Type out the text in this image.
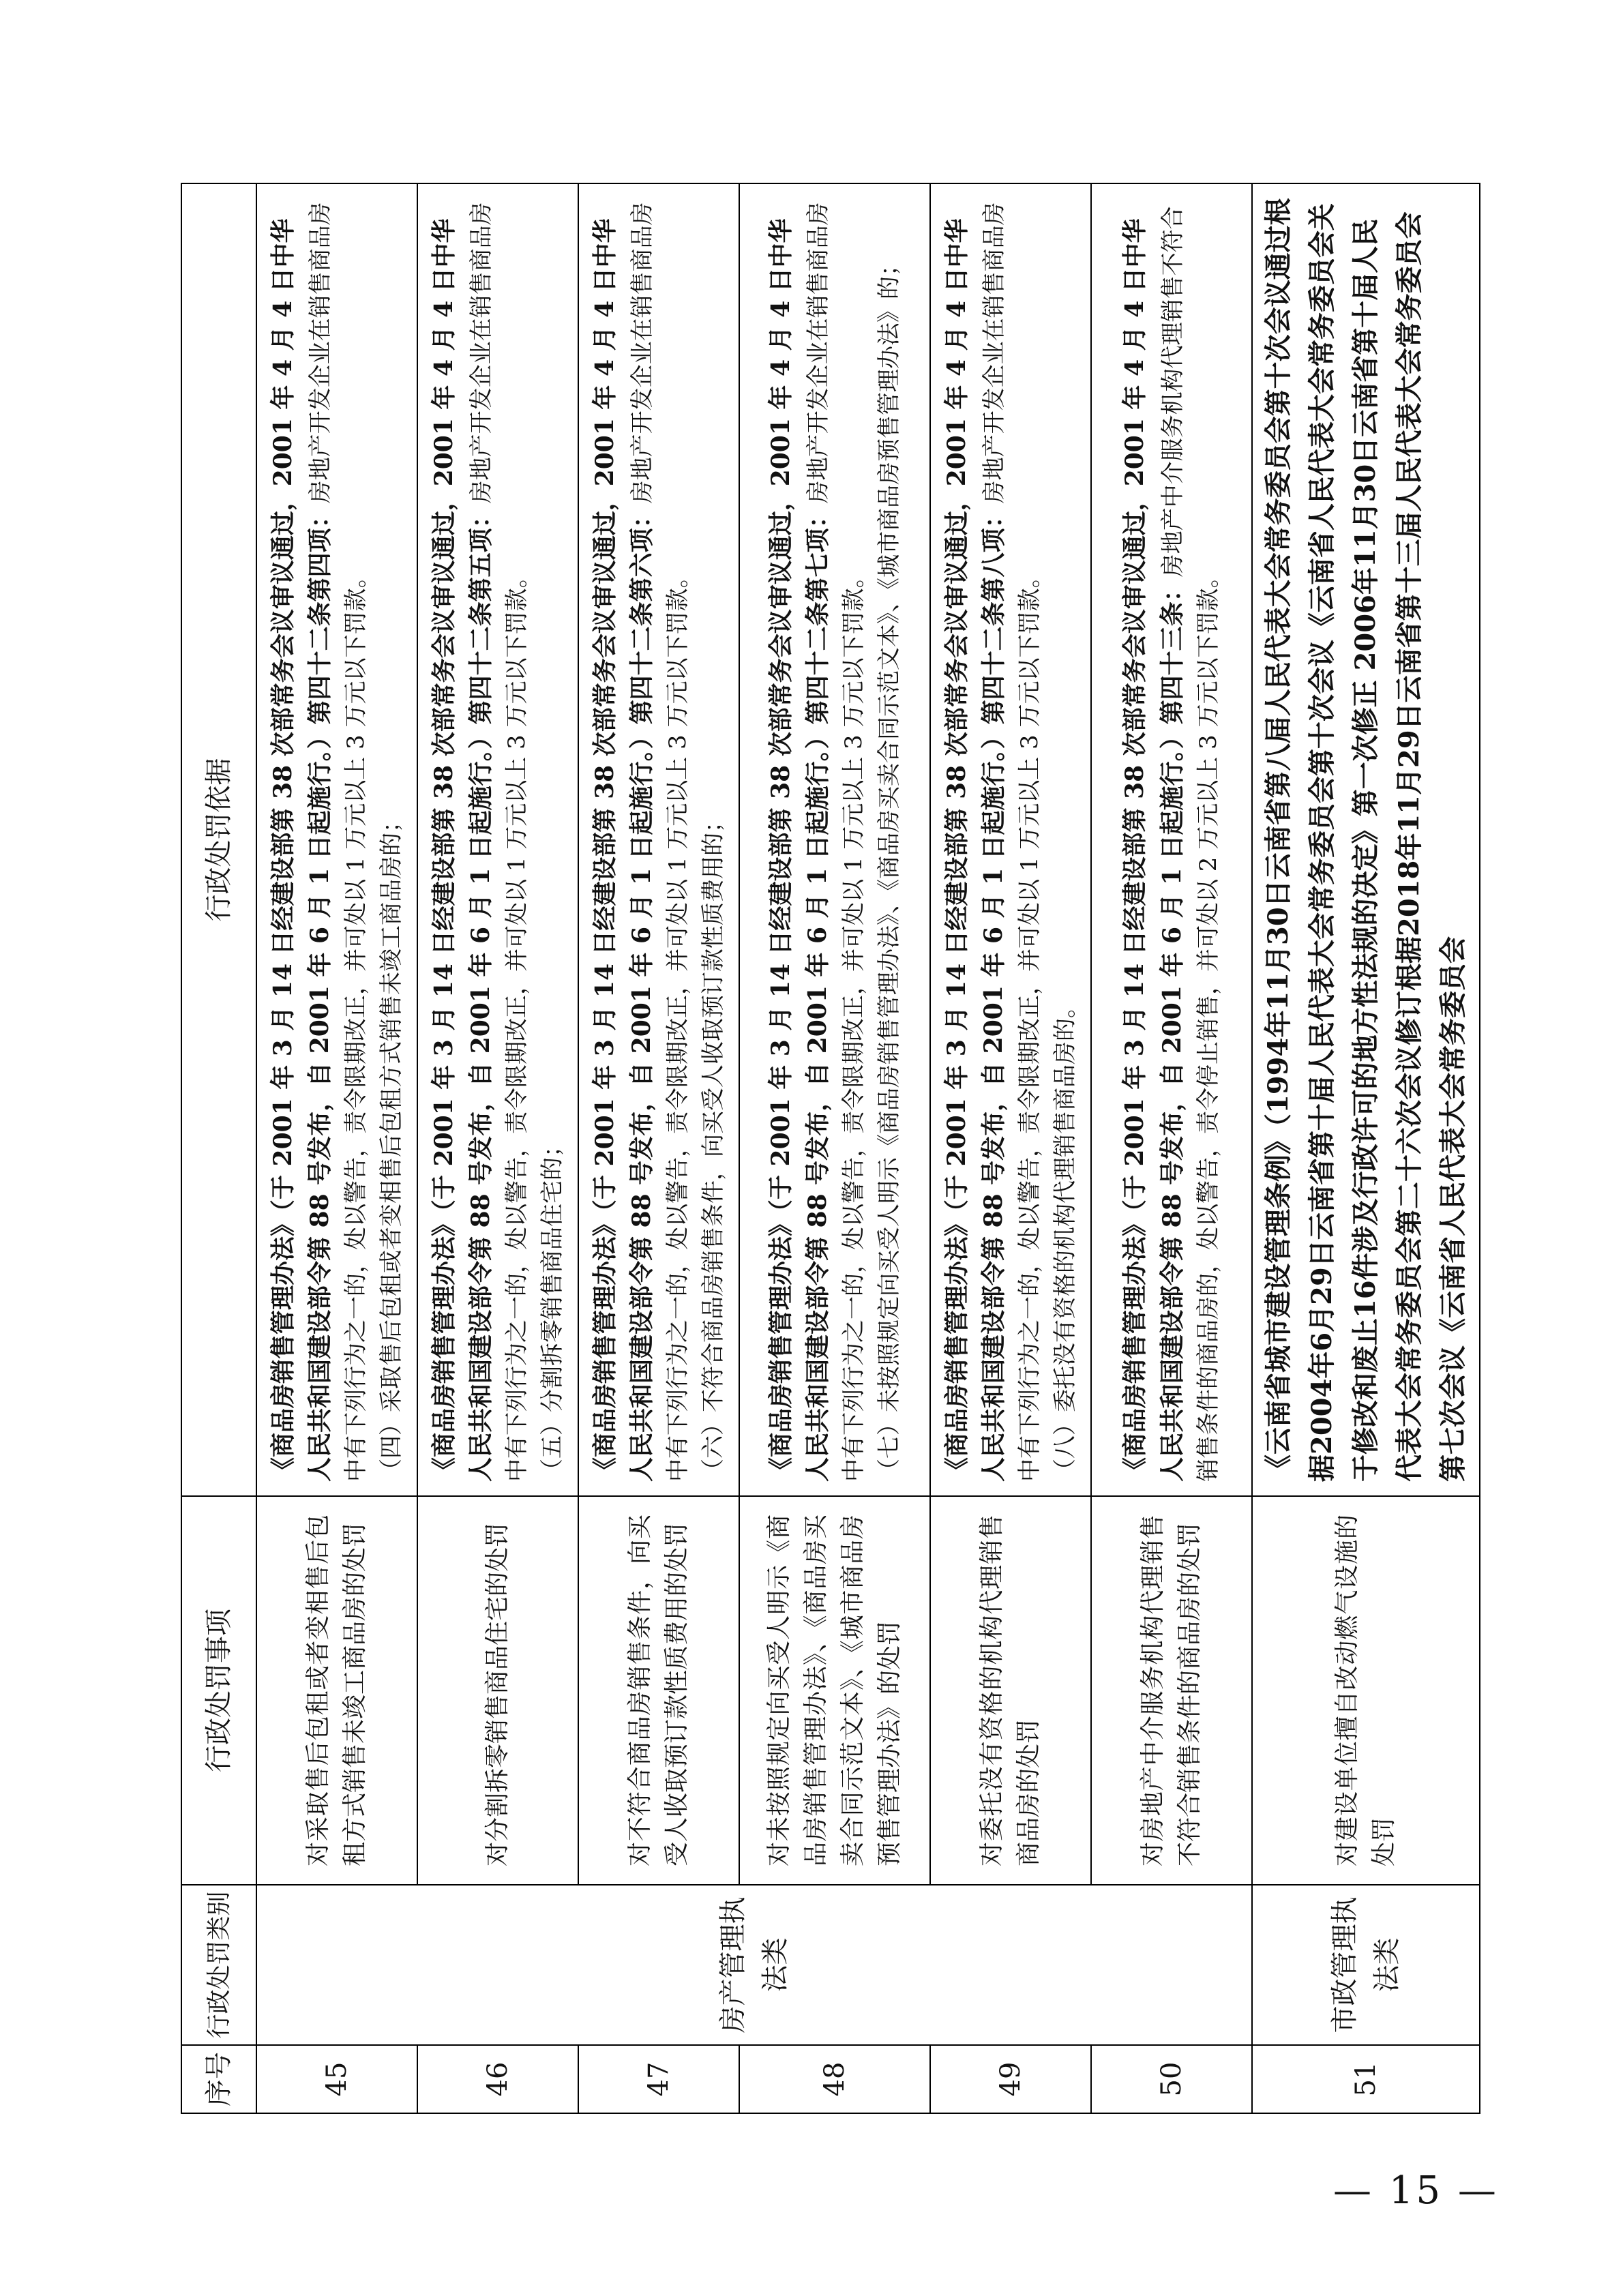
序号	行政处罚类别	行政处罚事项	行政处罚依据
45	房产管理执法类	对采取售后包租或者变相售后包租方式销售未竣工商品房的处罚	《商品房销售管理办法》（于 2001 年 3 月 14 日经建设部第 38 次部常务会议审议通过，2001 年 4 月 4 日中华人民共和国建设部令第 88 号发布，自 2001 年 6 月 1 日起施行。）第四十二条第四项：房地产开发企业在销售商品房中有下列行为之一的，处以警告，责令限期改正，并可处以 1 万元以上 3 万元以下罚款。 （四）采取售后包租或者变相售后包租方式销售未竣工商品房的；

46		对分割拆零销售商品住宅的处罚	《商品房销售管理办法》（于 2001 年 3 月 14 日经建设部第 38 次部常务会议审议通过，2001 年 4 月 4 日中华人民共和国建设部令第 88 号发布，自 2001 年 6 月 1 日起施行。）第四十二条第五项：房地产开发企业在销售商品房中有下列行为之一的，处以警告，责令限期改正，并可处以 1 万元以上 3 万元以下罚款。 （五）分割拆零销售商品住宅的；

47		对不符合商品房销售条件，向买受人收取预订款性质费用的处罚	《商品房销售管理办法》（于 2001 年 3 月 14 日经建设部第 38 次部常务会议审议通过，2001 年 4 月 4 日中华人民共和国建设部令第 88 号发布，自 2001 年 6 月 1 日起施行。）第四十二条第六项：房地产开发企业在销售商品房中有下列行为之一的，处以警告，责令限期改正，并可处以 1 万元以上 3 万元以下罚款。 （六）不符合商品房销售条件，向买受人收取预订款性质费用的；

48		对未按照规定向买受人明示《商品房销售管理办法》、《商品房买卖合同示范文本》、《城市商品房预售管理办法》的处罚	《商品房销售管理办法》（于 2001 年 3 月 14 日经建设部第 38 次部常务会议审议通过，2001 年 4 月 4 日中华人民共和国建设部令第 88 号发布，自 2001 年 6 月 1 日起施行。）第四十二条第七项：房地产开发企业在销售商品房中有下列行为之一的，处以警告，责令限期改正，并可处以 1 万元以上 3 万元以下罚款。 （七）未按照规定向买受人明示《商品房销售管理办法》、《商品房买卖合同示范文本》、《城市商品房预售管理办法》的；

49		对委托没有资格的机构代理销售商品房的处罚	《商品房销售管理办法》（于 2001 年 3 月 14 日经建设部第 38 次部常务会议审议通过，2001 年 4 月 4 日中华人民共和国建设部令第 88 号发布，自 2001 年 6 月 1 日起施行。）第四十二条第八项：房地产开发企业在销售商品房中有下列行为之一的，处以警告，责令限期改正，并可处以 1 万元以上 3 万元以下罚款。 （八）委托没有资格的机构代理销售商品房的。

50		对房地产中介服务机构代理销售不符合销售条件的商品房的处罚	《商品房销售管理办法》（于 2001 年 3 月 14 日经建设部第 38 次部常务会议审议通过，2001 年 4 月 4 日中华人民共和国建设部令第 88 号发布，自 2001 年 6 月 1 日起施行。）第四十三条：房地产中介服务机构代理销售不符合销售条件的商品房的，处以警告，责令停止销售，并可处以 2 万元以上 3 万元以下罚款。
51	市政管理执法类	对建设单位擅自改动燃气设施的处罚	《云南省城市建设管理条例》（1994年11月30日云南省第八届人民代表大会常务委员会第十次会议通过根据2004年6月29日云南省第十届人民代表大会常务委员会第十次会议《云南省人民代表大会常务委员会关于修改和废止16件涉及行政许可的地方性法规的决定》第一次修正 2006年11月30日云南省第十届人民代表大会常务委员会第二十六次会议修订根据2018年11月29日云南省第十三届人民代表大会常务委员会第七次会议《云南省人民代表大会常务委员会
— 15 —
